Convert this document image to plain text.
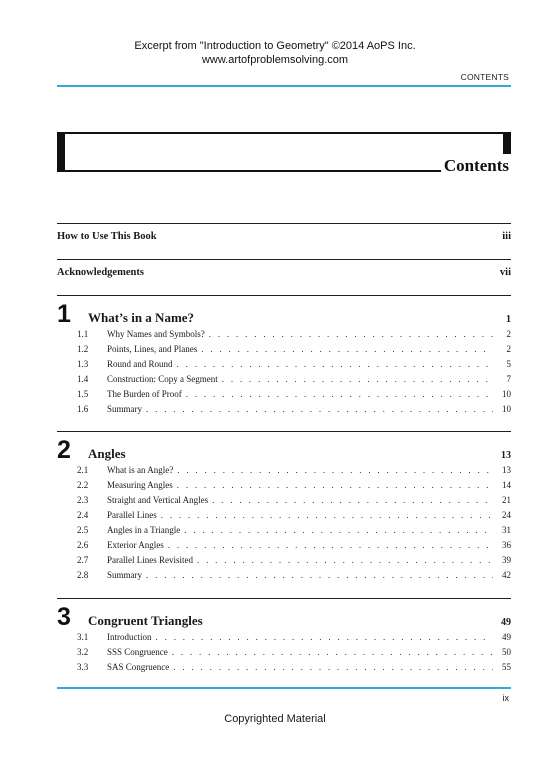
Excerpt from "Introduction to Geometry" ©2014 AoPS Inc.
www.artofproblemsolving.com
CONTENTS
Contents
How to Use This Book	iii
Acknowledgements	vii
1 What’s in a Name?	1
1.1	Why Names and Symbols? . . .	2
1.2	Points, Lines, and Planes . . .	2
1.3	Round and Round . . .	5
1.4	Construction: Copy a Segment . . .	7
1.5	The Burden of Proof . . .	10
1.6	Summary . . .	10
2 Angles	13
2.1	What is an Angle? . . .	13
2.2	Measuring Angles . . .	14
2.3	Straight and Vertical Angles . . .	21
2.4	Parallel Lines . . .	24
2.5	Angles in a Triangle . . .	31
2.6	Exterior Angles . . .	36
2.7	Parallel Lines Revisited . . .	39
2.8	Summary . . .	42
3 Congruent Triangles	49
3.1	Introduction . . .	49
3.2	SSS Congruence . . .	50
3.3	SAS Congruence . . .	55
ix
Copyrighted Material
